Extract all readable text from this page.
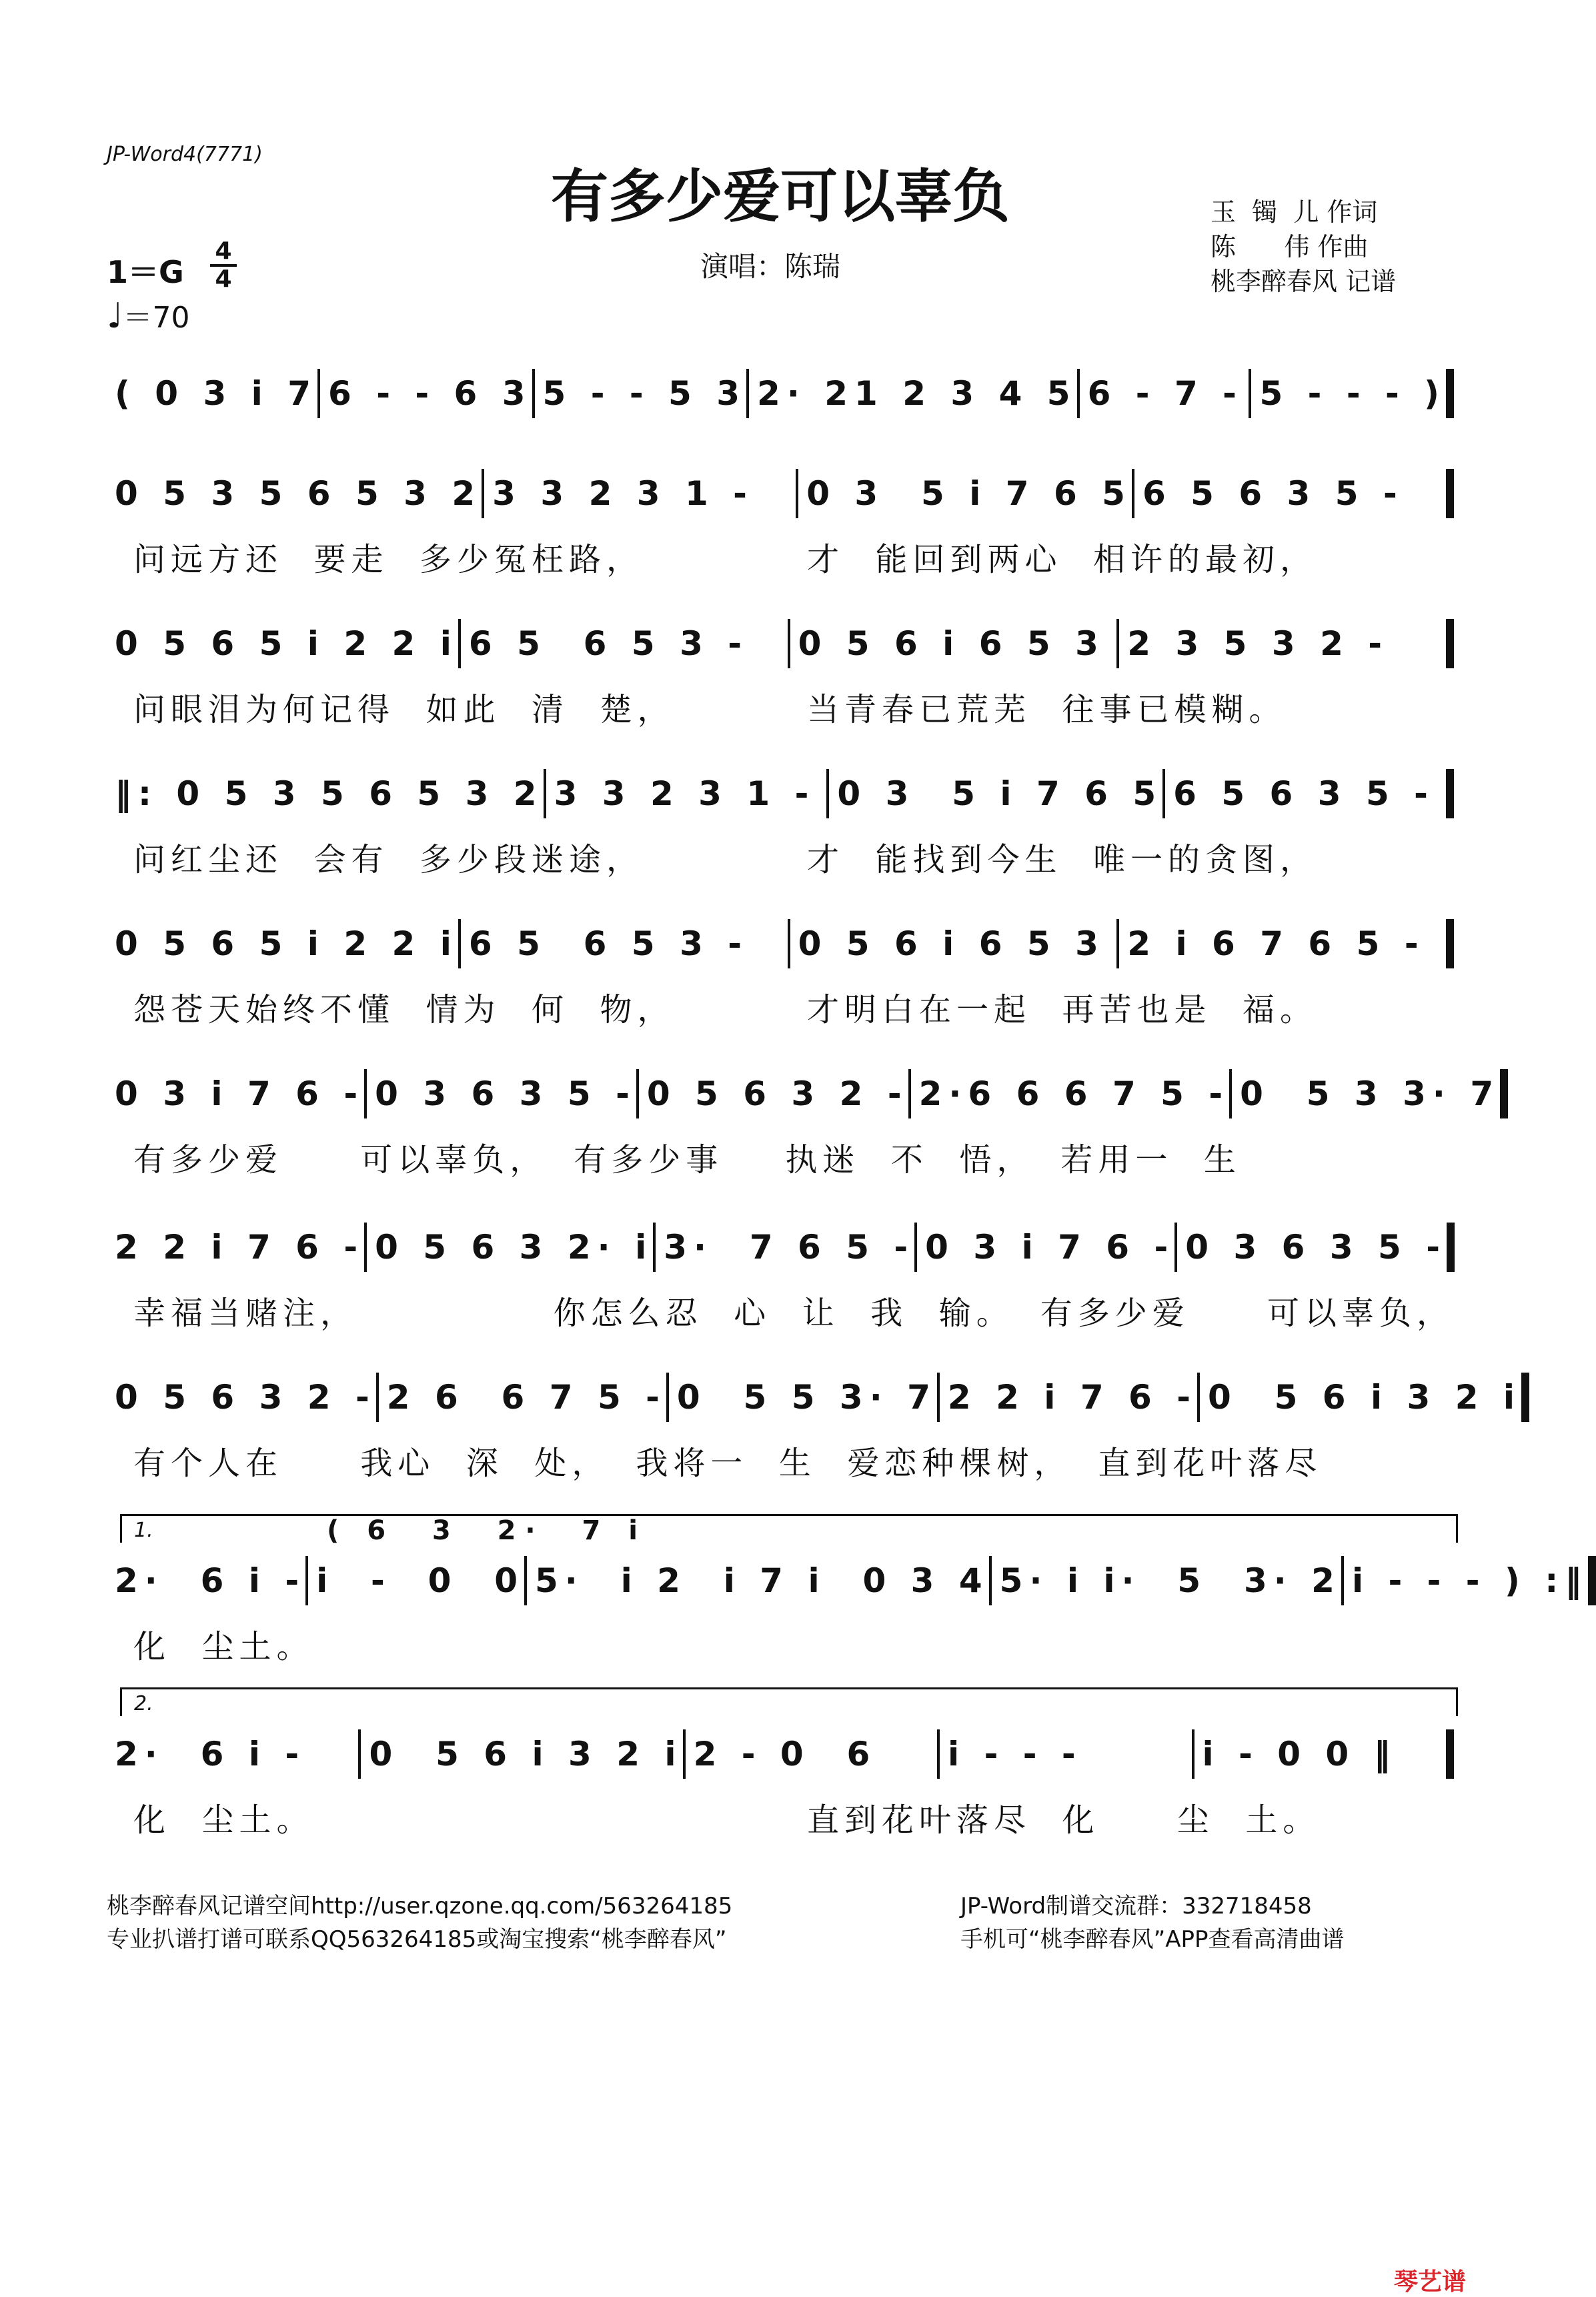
JP-Word4(7771)
有多少爱可以辜负
演唱：陈瑞
玉  镯  儿 作词
陈      伟 作曲
桃李醉春风 记谱
1＝G
4
4
♩＝70
( 0 3 i 7 6 - - 6 3 5 - - 5 3 2· 21 2 3 4 5 6 - 7 - 5 - - - )
0 5 3 5 6 5 3 2 3 3 2 3 1 -	0 3  5 i 7 6 5 6 5 6 3 5 -
问远方还  要走  多少冤枉路，	才  能回到两心  相许的最初，
0 5 6 5 i 2 2 i 6 5  6 5 3 -	0 5 6 i 6 5 3 2 3 5 3 2 -
问眼泪为何记得  如此  清  楚，	当青春已荒芜  往事已模糊。
‖: 0 5 3 5 6 5 3 2 3 3 2 3 1 - 0 3  5 i 7 6 5 6 5 6 3 5 -
问红尘还  会有  多少段迷途，	才  能找到今生  唯一的贪图，
0 5 6 5 i 2 2 i 6 5  6 5 3 -	0 5 6 i 6 5 3 2 i 6 7 6 5 -
怨苍天始终不懂  情为  何  物，	才明白在一起  再苦也是  福。
0 3 i 7 6 - 0 3 6 3 5 - 0 5 6 3 2 - 2·6 6 6 7 5 - 0  5 3 3· 7
有多少爱     可以辜负， 有多少事    执迷  不  悟， 若用一  生
2 2 i 7 6 - 0 5 6 3 2· i 3·  7 6 5 - 0 3 i 7 6 - 0 3 6 3 5 -
幸福当赌注，	你怎么忍  心  让  我  输。 有多少爱     可以辜负，
0 5 6 3 2 - 2 6  6 7 5 - 0  5 5 3· 7 2 2 i 7 6 - 0  5 6 i 3 2 i
有个人在     我心  深  处， 我将一  生  爱恋种棵树， 直到花叶落尽
1.	( 6  3  2·  7 i
2·  6 i - i  -  0  0 5·  i 2  i 7 i  0 3 4 5· i i·  5  3· 2 i - - - ) :‖
化  尘土。
2.
2·  6 i -	0  5 6 i 3 2 i 2 - 0  6	i - - -	i - 0 0 ‖
化  尘土。	直到花叶落尽  化     尘  土。
桃李醉春风记谱空间http://user.qzone.qq.com/563264185
专业扒谱打谱可联系QQ563264185或淘宝搜索“桃李醉春风”
JP-Word制谱交流群：332718458
手机可“桃李醉春风”APP查看高清曲谱
琴艺谱
